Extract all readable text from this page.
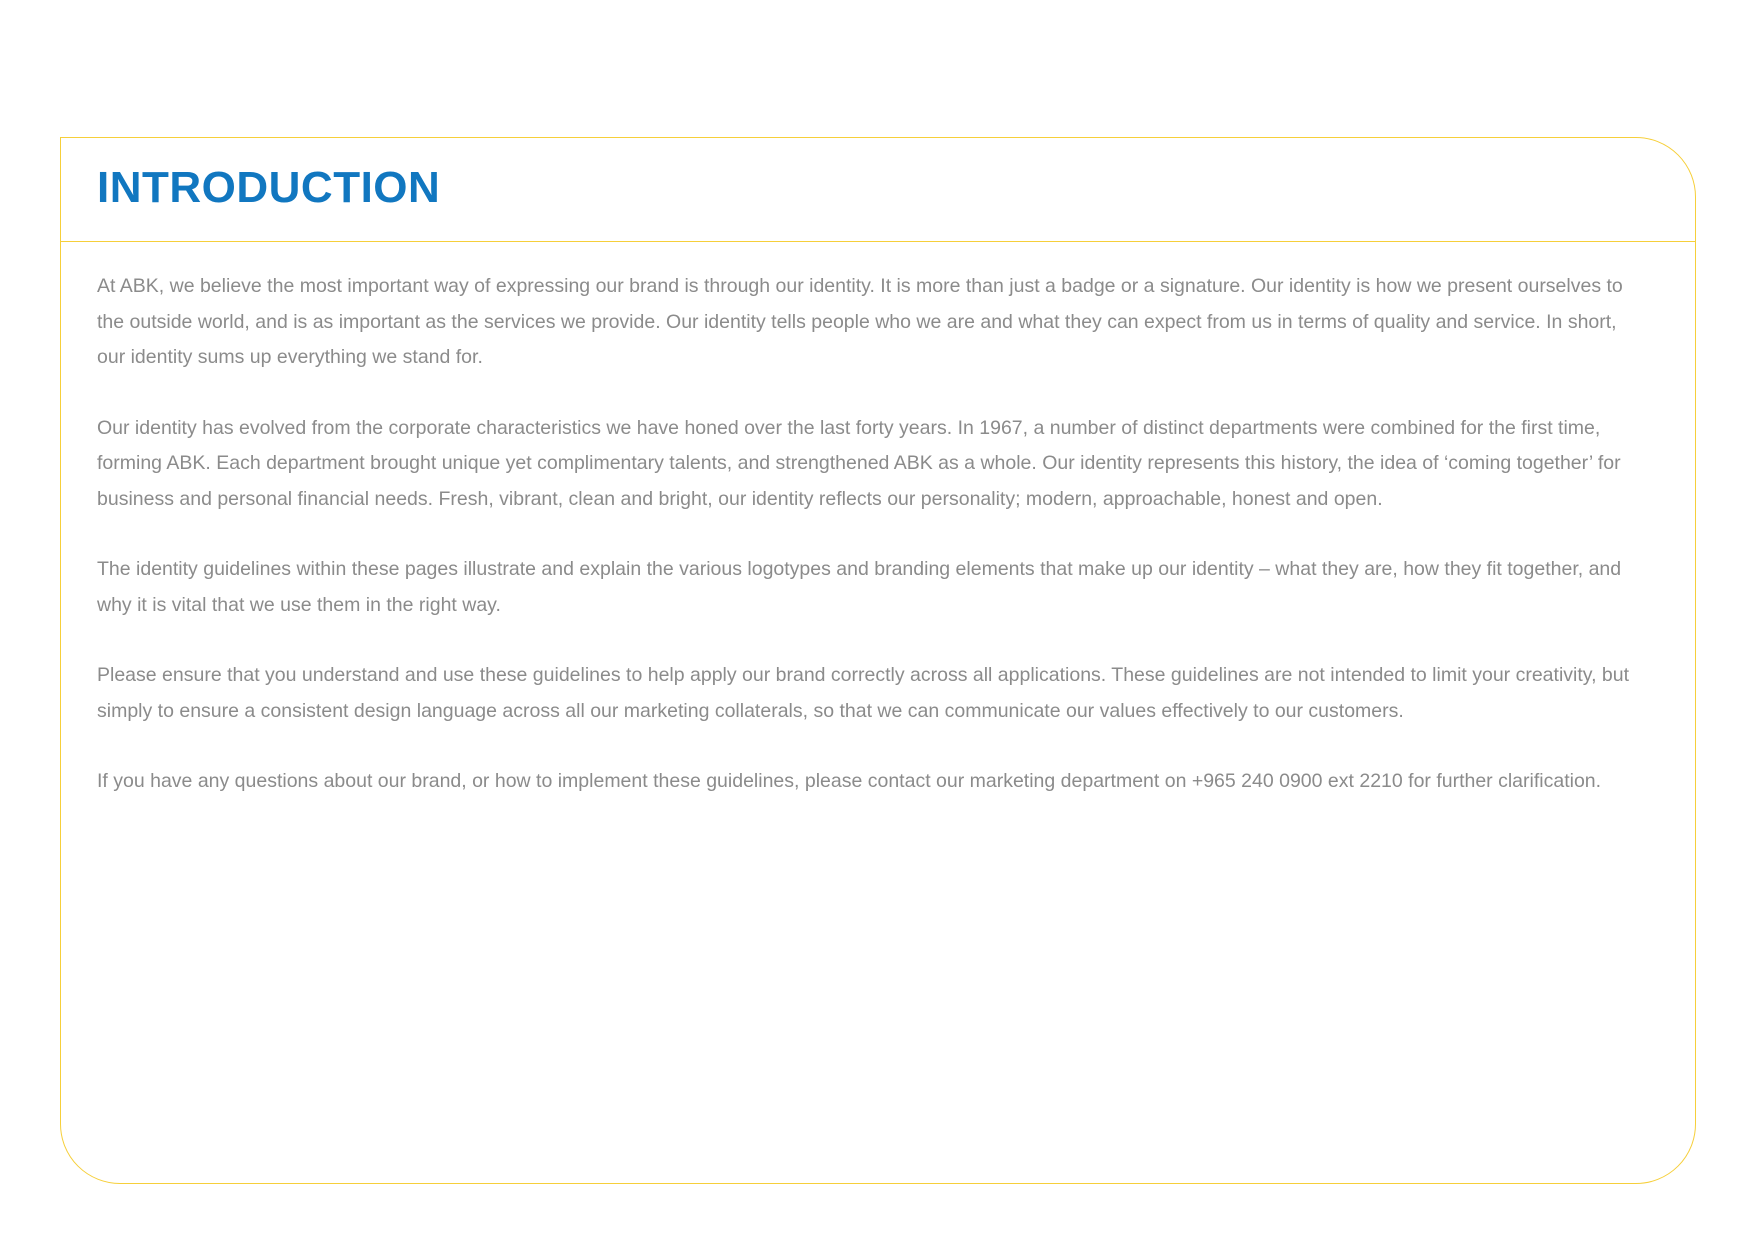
INTRODUCTION

At ABK, we believe the most important way of expressing our brand is through our identity. It is more than just a badge or a signature. Our identity is how we present ourselves to the outside world, and is as important as the services we provide. Our identity tells people who we are and what they can expect from us in terms of quality and service. In short, our identity sums up everything we stand for.

Our identity has evolved from the corporate characteristics we have honed over the last forty years. In 1967, a number of distinct departments were combined for the first time, forming ABK. Each department brought unique yet complimentary talents, and strengthened ABK as a whole. Our identity represents this history, the idea of ‘coming together’ for business and personal financial needs. Fresh, vibrant, clean and bright, our identity reflects our personality; modern, approachable, honest and open.

The identity guidelines within these pages illustrate and explain the various logotypes and branding elements that make up our identity – what they are, how they fit together, and why it is vital that we use them in the right way.

Please ensure that you understand and use these guidelines to help apply our brand correctly across all applications. These guidelines are not intended to limit your creativity, but simply to ensure a consistent design language across all our marketing collaterals, so that we can communicate our values effectively to our customers.

If you have any questions about our brand, or how to implement these guidelines, please contact our marketing department on +965 240 0900 ext 2210 for further clarification.
